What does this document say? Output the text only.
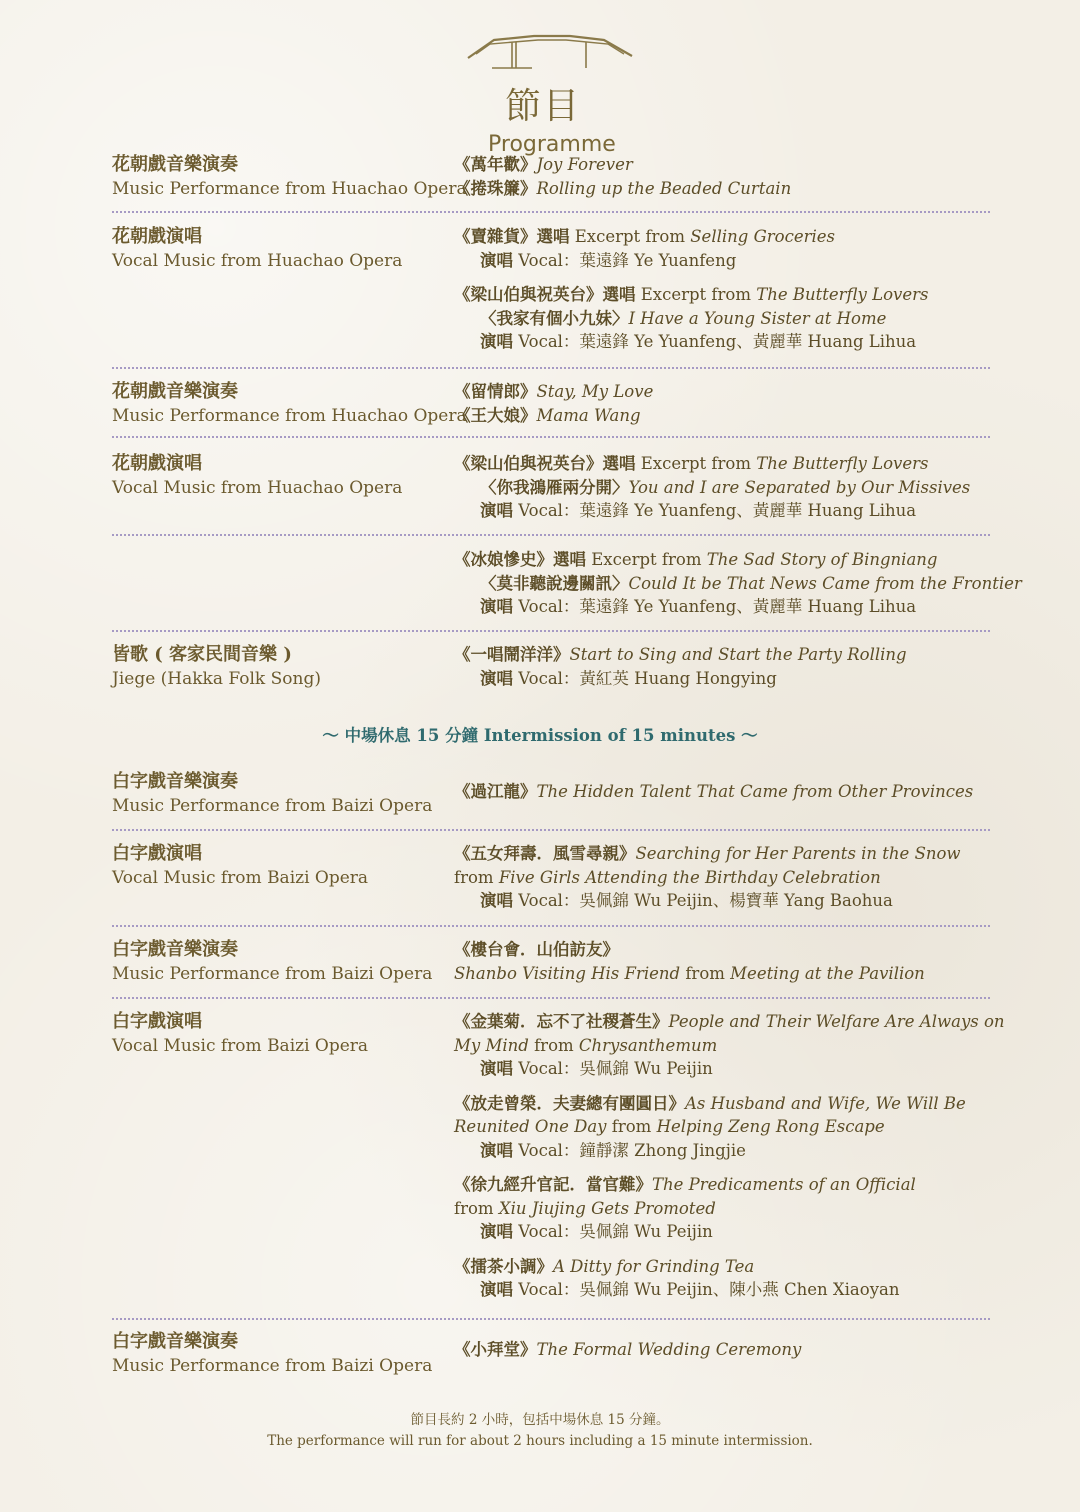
節目
Programme
花朝戲音樂演奏
Music Performance from Huachao Opera
《萬年歡》Joy Forever
《捲珠簾》Rolling up the Beaded Curtain
花朝戲演唱
Vocal Music from Huachao Opera
《賣雜貨》選唱 Excerpt from Selling Groceries
演唱 Vocal：葉遠鋒 Ye Yuanfeng
《梁山伯與祝英台》選唱 Excerpt from The Butterfly Lovers
〈我家有個小九妹〉I Have a Young Sister at Home
演唱 Vocal：葉遠鋒 Ye Yuanfeng、黃麗華 Huang Lihua
花朝戲音樂演奏
Music Performance from Huachao Opera
《留情郎》Stay, My Love
《王大娘》Mama Wang
花朝戲演唱
Vocal Music from Huachao Opera
《梁山伯與祝英台》選唱 Excerpt from The Butterfly Lovers
〈你我鴻雁兩分開〉You and I are Separated by Our Missives
演唱 Vocal：葉遠鋒 Ye Yuanfeng、黃麗華 Huang Lihua
《冰娘慘史》選唱 Excerpt from The Sad Story of Bingniang
〈莫非聽說邊關訊〉Could It be That News Came from the Frontier
演唱 Vocal：葉遠鋒 Ye Yuanfeng、黃麗華 Huang Lihua
皆歌 ( 客家民間音樂 )
Jiege (Hakka Folk Song)
《一唱鬧洋洋》Start to Sing and Start the Party Rolling
演唱 Vocal：黃紅英 Huang Hongying
～ 中場休息 15 分鐘 Intermission of 15 minutes ～
白字戲音樂演奏
Music Performance from Baizi Opera
《過江龍》The Hidden Talent That Came from Other Provinces
白字戲演唱
Vocal Music from Baizi Opera
《五女拜壽．風雪尋親》Searching for Her Parents in the Snow
from Five Girls Attending the Birthday Celebration
演唱 Vocal：吳佩錦 Wu Peijin、楊寶華 Yang Baohua
白字戲音樂演奏
Music Performance from Baizi Opera
《樓台會．山伯訪友》
Shanbo Visiting His Friend from Meeting at the Pavilion
白字戲演唱
Vocal Music from Baizi Opera
《金葉菊．忘不了社稷蒼生》People and Their Welfare Are Always on
My Mind from Chrysanthemum
演唱 Vocal：吳佩錦 Wu Peijin
《放走曾榮．夫妻總有團圓日》As Husband and Wife, We Will Be
Reunited One Day from Helping Zeng Rong Escape
演唱 Vocal：鐘靜潔 Zhong Jingjie
《徐九經升官記．當官難》The Predicaments of an Official
from Xiu Jiujing Gets Promoted
演唱 Vocal：吳佩錦 Wu Peijin
《擂茶小調》A Ditty for Grinding Tea
演唱 Vocal：吳佩錦 Wu Peijin、陳小燕 Chen Xiaoyan
白字戲音樂演奏
Music Performance from Baizi Opera
《小拜堂》The Formal Wedding Ceremony
節目長約 2 小時，包括中場休息 15 分鐘。
The performance will run for about 2 hours including a 15 minute intermission.
